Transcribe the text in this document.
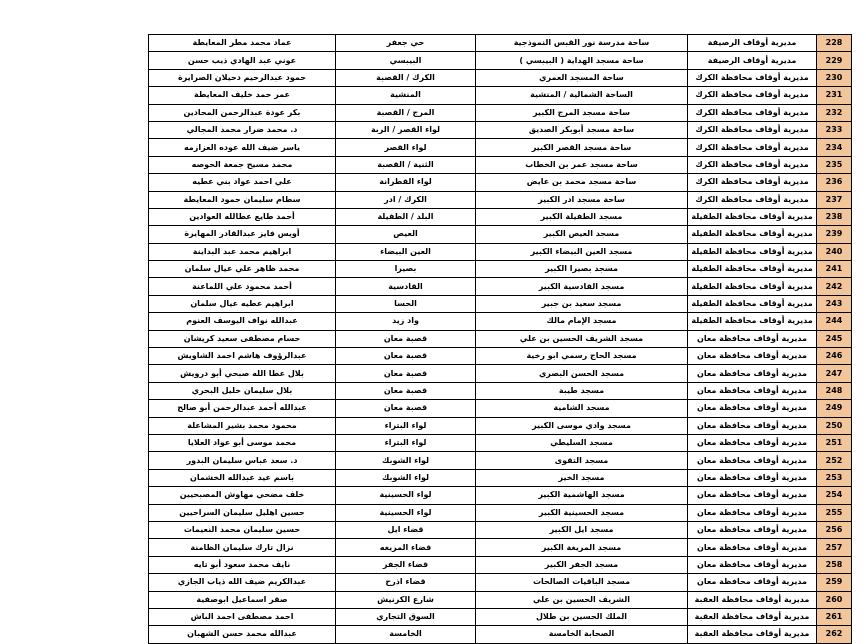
عماد محمد مطر المعايطة	حي جعفر	ساحة مدرسة نور القبس النموذجية	مديرية أوقاف الرصيفة	228
عوني عبد الهادي ذيب حسن	البيبسي	ساحة مسجد الهداية ( البيبسي )	مديرية أوقاف الرصيفة	229
حمود عبدالرحيم دحيلان الصرايرة	الكرك / القصبة	ساحة المسجد العمري	مديرية أوقاف محافظة الكرك	230
عمر حمد خليف المعايطة	المنشية	الساحة الشمالية / المنشية	مديرية أوقاف محافظة الكرك	231
بكر عودة عبدالرحمن المحادين	المرج / القصبة	ساحة مسجد المرج الكبير	مديرية أوقاف محافظة الكرك	232
د. محمد ضرار محمد المجالي	لواء القصر / الربة	ساحة مسجد أبوبكر الصديق	مديرية أوقاف محافظة الكرك	233
ياسر ضيف الله عوده العزازمه	لواء القصر	ساحة مسجد القصر الكبير	مديرية أوقاف محافظة الكرك	234
محمد مسيح جمعة الحوصه	الثنية / القصبة	ساحة مسجد عمر بن الخطاب	مديرية أوقاف محافظة الكرك	235
علي احمد عواد بني عطيه	لواء القطرانة	ساحة مسجد محمد بن عايض	مديرية أوقاف محافظة الكرك	236
سطام سليمان حمود المعايطة	الكرك / ادر	ساحة مسجد ادر الكبير	مديرية أوقاف محافظة الكرك	237
أحمد طايع عطالله العوادين	البلد / الطفيلة	مسجد الطفيلة الكبير	مديرية أوقاف محافظة الطفيلة	238
أويس فايز عبدالقادر المهايرة	العيص	مسجد العيص الكبير	مديرية أوقاف محافظة الطفيلة	239
ابراهيم محمد عبد البداينة	العين البيضاء	مسجد العين البيضاء الكبير	مديرية أوقاف محافظة الطفيلة	240
محمد ظاهر علي عيال سلمان	بصيرا	مسجد بصيرا الكبير	مديرية أوقاف محافظة الطفيلة	241
أحمد محمود علي اللماعنة	القادسية	مسجد القادسية الكبير	مديرية أوقاف محافظة الطفيلة	242
ابراهيم عطيه عيال سلمان	الحسا	مسجد سعيد بن جبير	مديرية أوقاف محافظة الطفيلة	243
عبدالله نواف اليوسف العنوم	واد زيد	مسجد الإمام مالك	مديرية أوقاف محافظة الطفيلة	244
حسام مصطفى سعيد كريشان	قصبة معان	مسجد الشريف الحسين بن علي	مديرية أوقاف محافظة معان	245
عبدالرؤوف هاشم احمد الشاويش	قصبة معان	مسجد الحاج رسمي ابو رخية	مديرية أوقاف محافظة معان	246
بلال عطا الله صبحي أبو درويش	قصبة معان	مسجد الحسن البصري	مديرية أوقاف محافظة معان	247
بلال سليمان خليل البحري	قصبة معان	مسجد طيبة	مديرية أوقاف محافظة معان	248
عبدالله أحمد عبدالرحمن أبو صالح	قصبة معان	مسجد الشامية	مديرية أوقاف محافظة معان	249
محمود محمد بشير المشاعلة	لواء البتراء	مسجد وادي موسى الكبير	مديرية أوقاف محافظة معان	250
محمد موسى أبو عواد العلايا	لواء البتراء	مسجد السليطي	مديرية أوقاف محافظة معان	251
د. سعد عباس سليمان البدور	لواء الشوبك	مسجد التقوى	مديرية أوقاف محافظة معان	252
باسم عيد عبدالله الخشمان	لواء الشوبك	مسجد الخير	مديرية أوقاف محافظة معان	253
خلف مضحي مهاوش المصبحيين	لواء الحسينية	مسجد الهاشمية الكبير	مديرية أوقاف محافظة معان	254
حسين اهليل سليمان السراحيين	لواء الحسينية	مسجد الحسينية الكبير	مديرية أوقاف محافظة معان	255
حسين سليمان محمد النعيمات	قضاء ايل	مسجد ايل الكبير	مديرية أوقاف محافظة معان	256
نزال تارك سليمان الظامنة	قضاء المريغه	مسجد المريغة الكبير	مديرية أوقاف محافظة معان	257
نايف محمد سعود أبو تايه	قضاء الجفر	مسجد الجفر الكبير	مديرية أوقاف محافظة معان	258
عبدالكريم ضيف الله ذياب الجازي	قضاء اذرح	مسجد الباقيات الصالحات	مديرية أوقاف محافظة معان	259
صقر اسماعيل ابوصفية	شارع الكرنيش	الشريف الحسين بن علي	مديرية أوقاف محافظة العقبة	260
احمد مصطفى احمد الباش	السوق التجاري	الملك الحسين بن طلال	مديرية أوقاف محافظة العقبة	261
عبدالله محمد حسن الشهبان	الخامسة	الصحابة الخامسة	مديرية أوقاف محافظة العقبة	262
